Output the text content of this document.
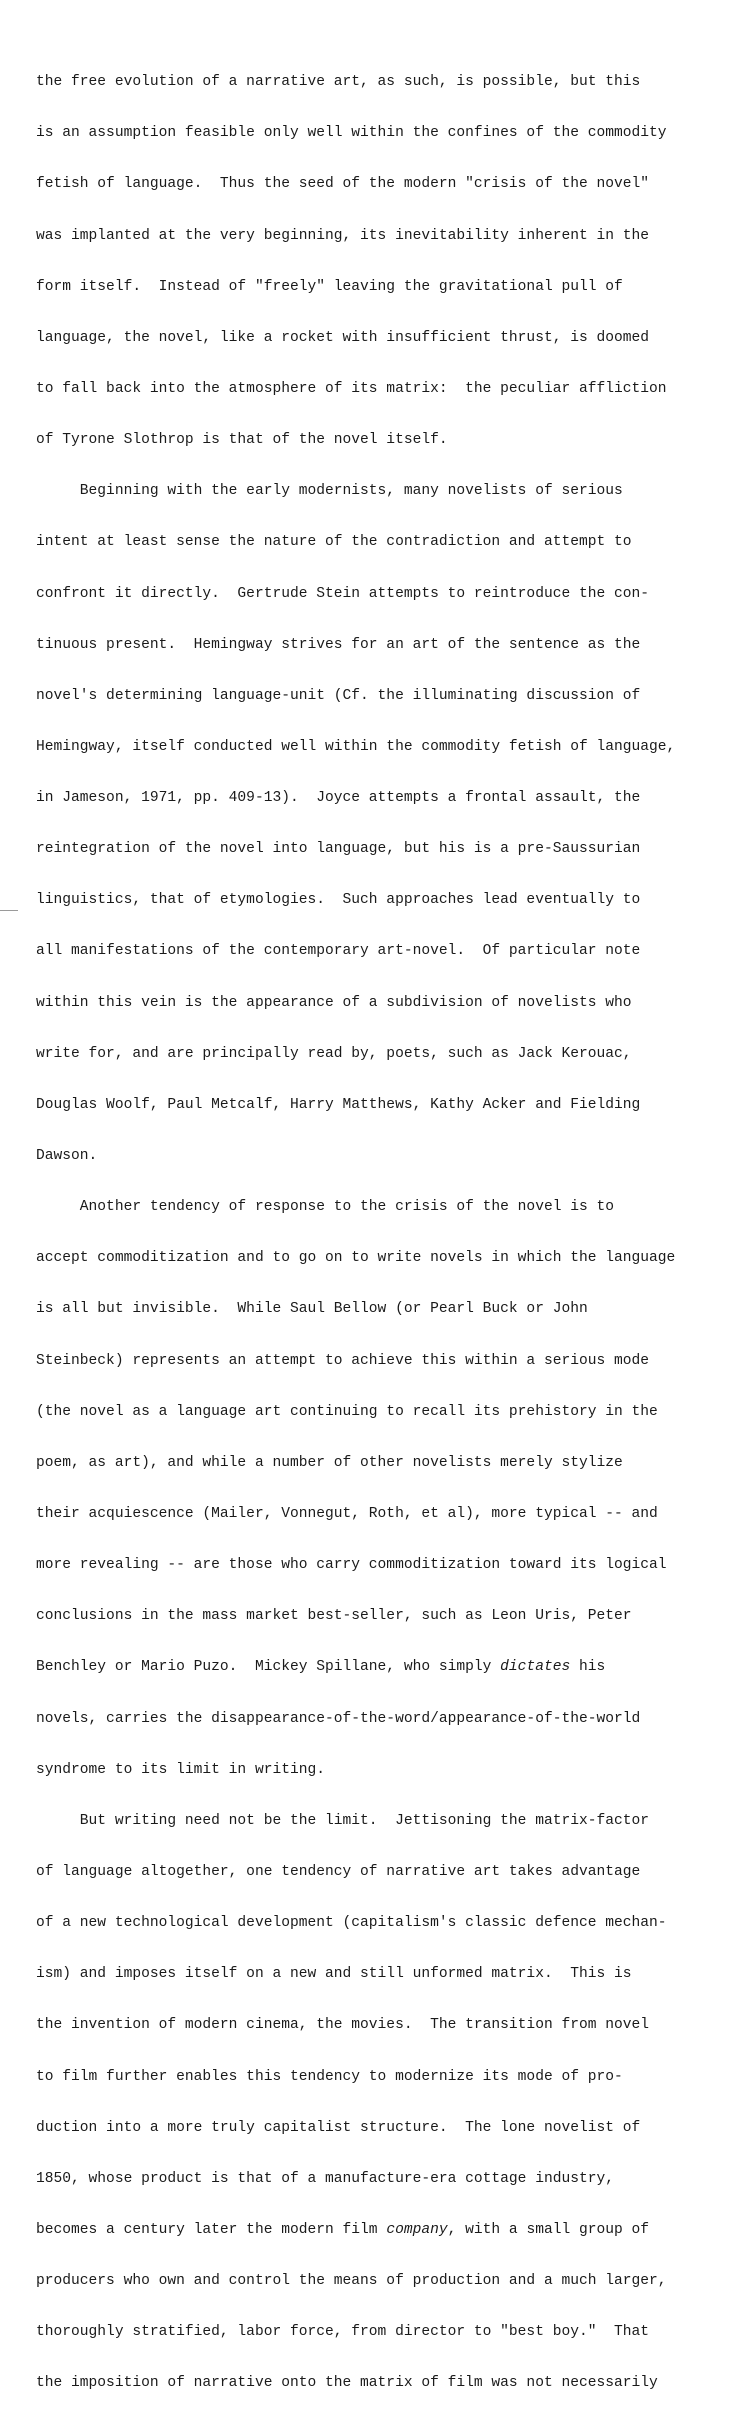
the free evolution of a narrative art, as such, is possible, but this

is an assumption feasible only well within the confines of the commodity

fetish of language.  Thus the seed of the modern "crisis of the novel"

was implanted at the very beginning, its inevitability inherent in the

form itself.  Instead of "freely" leaving the gravitational pull of

language, the novel, like a rocket with insufficient thrust, is doomed

to fall back into the atmosphere of its matrix:  the peculiar affliction

of Tyrone Slothrop is that of the novel itself.

Beginning with the early modernists, many novelists of serious

intent at least sense the nature of the contradiction and attempt to

confront it directly.  Gertrude Stein attempts to reintroduce the con-

tinuous present.  Hemingway strives for an art of the sentence as the

novel's determining language-unit (Cf. the illuminating discussion of

Hemingway, itself conducted well within the commodity fetish of language,

in Jameson, 1971, pp. 409-13).  Joyce attempts a frontal assault, the

reintegration of the novel into language, but his is a pre-Saussurian

linguistics, that of etymologies.  Such approaches lead eventually to

all manifestations of the contemporary art-novel.  Of particular note

within this vein is the appearance of a subdivision of novelists who

write for, and are principally read by, poets, such as Jack Kerouac,

Douglas Woolf, Paul Metcalf, Harry Matthews, Kathy Acker and Fielding

Dawson.

Another tendency of response to the crisis of the novel is to

accept commoditization and to go on to write novels in which the language

is all but invisible.  While Saul Bellow (or Pearl Buck or John

Steinbeck) represents an attempt to achieve this within a serious mode

(the novel as a language art continuing to recall its prehistory in the

poem, as art), and while a number of other novelists merely stylize

their acquiescence (Mailer, Vonnegut, Roth, et al), more typical -- and

more revealing -- are those who carry commoditization toward its logical

conclusions in the mass market best-seller, such as Leon Uris, Peter

Benchley or Mario Puzo.  Mickey Spillane, who simply dictates his

novels, carries the disappearance-of-the-word/appearance-of-the-world

syndrome to its limit in writing.

But writing need not be the limit.  Jettisoning the matrix-factor

of language altogether, one tendency of narrative art takes advantage

of a new technological development (capitalism's classic defence mechan-

ism) and imposes itself on a new and still unformed matrix.  This is

the invention of modern cinema, the movies.  The transition from novel

to film further enables this tendency to modernize its mode of pro-

duction into a more truly capitalist structure.  The lone novelist of

1850, whose product is that of a manufacture-era cottage industry,

becomes a century later the modern film company, with a small group of

producers who own and control the means of production and a much larger,

thoroughly stratified, labor force, from director to "best boy."  That

the imposition of narrative onto the matrix of film was not necessarily
